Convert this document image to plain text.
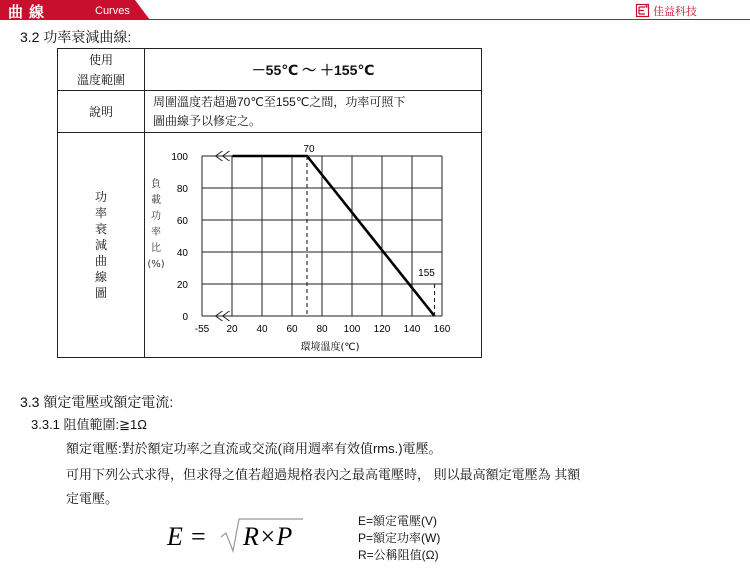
曲線	Curves	佳益科技
3.2 功率衰減曲線:
使用
溫度範圍	－55℃ ～ ＋155℃
說明	周圍溫度若超過70℃至155℃之間，功率可照下
圖曲線予以修定之。

功率衰減曲線圖	

0
20
40
60
80
100
-55 20 40 60 80 100 120 140 160
負
載
功
率
比
(%)
環境溫度(℃)
70
155
3.3 額定電壓或額定電流:
3.3.1 阻值範圍:≧1Ω
額定電壓:對於額定功率之直流或交流(商用週率有效值rms.)電壓。
可用下列公式求得，但求得之值若超過規格表內之最高電壓時， 則以最高額定電壓為 其額
定電壓。
E = R×P
E=額定電壓(V)
P=額定功率(W)
R=公稱阻值(Ω)
